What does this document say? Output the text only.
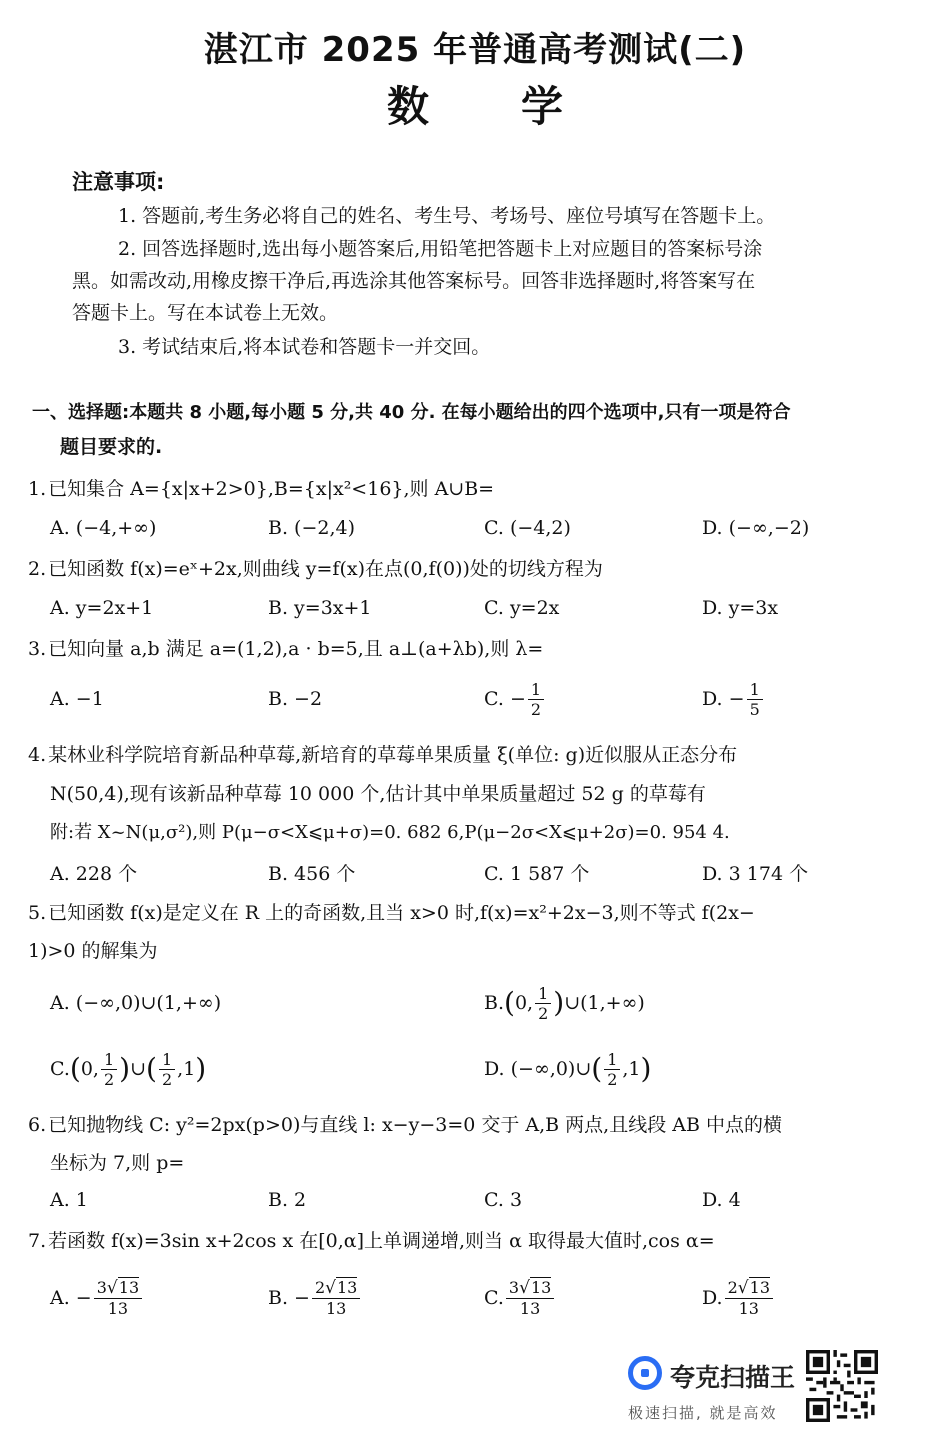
湛江市 2025 年普通高考测试(二)
数 学
注意事项:
1. 答题前,考生务必将自己的姓名、考生号、考场号、座位号填写在答题卡上。
2. 回答选择题时,选出每小题答案后,用铅笔把答题卡上对应题目的答案标号涂
黑。如需改动,用橡皮擦干净后,再选涂其他答案标号。回答非选择题时,将答案写在
答题卡上。写在本试卷上无效。
3. 考试结束后,将本试卷和答题卡一并交回。
一、选择题:本题共 8 小题,每小题 5 分,共 40 分. 在每小题给出的四个选项中,只有一项是符合
题目要求的.
1. 已知集合 A={x|x+2>0},B={x|x²<16},则 A∪B=
A. (−4,+∞)	B. (−2,4)	C. (−4,2)	D. (−∞,−2)
2. 已知函数 f(x)=eˣ+2x,则曲线 y=f(x)在点(0,f(0))处的切线方程为
A. y=2x+1	B. y=3x+1	C. y=2x	D. y=3x
3. 已知向量 a,b 满足 a=(1,2),a · b=5,且 a⊥(a+λb),则 λ=
A. −1	B. −2	C. − $\frac{1}{2}$	D. − $\frac{1}{5}$
4. 某林业科学院培育新品种草莓,新培育的草莓单果质量 ξ(单位: g)近似服从正态分布
N(50,4),现有该新品种草莓 10 000 个,估计其中单果质量超过 52 g 的草莓有
附:若 X~N(μ,σ²),则 P(μ−σ<X⩽μ+σ)=0. 682 6,P(μ−2σ<X⩽μ+2σ)=0. 954 4.
A. 228 个	B. 456 个	C. 1 587 个	D. 3 174 个
5. 已知函数 f(x)是定义在 R 上的奇函数,且当 x>0 时,f(x)=x²+2x−3,则不等式 f(2x−
1)>0 的解集为
A. (−∞,0)∪(1,+∞)	B. ( 0, $\frac{1}{2}$ ) ∪(1,+∞)
C. ( 0, $\frac{1}{2}$ ) ∪ ( $\frac{1}{2} ,1$ )	D. (−∞,0)∪ ( $\frac{1}{2} ,1$ )
6. 已知抛物线 C: y²=2px(p>0)与直线 l: x−y−3=0 交于 A,B 两点,且线段 AB 中点的横
坐标为 7,则 p=
A. 1	B. 2	C. 3	D. 4
7. 若函数 f(x)=3sin x+2cos x 在[0,α]上单调递增,则当 α 取得最大值时,cos α=
A. − $\frac{3√13}{13}$	B. − $\frac{2√13}{13}$	C. $\frac{3√13}{13}$	D. $\frac{2√13}{13}$
夸克扫描王
极速扫描, 就是高效
